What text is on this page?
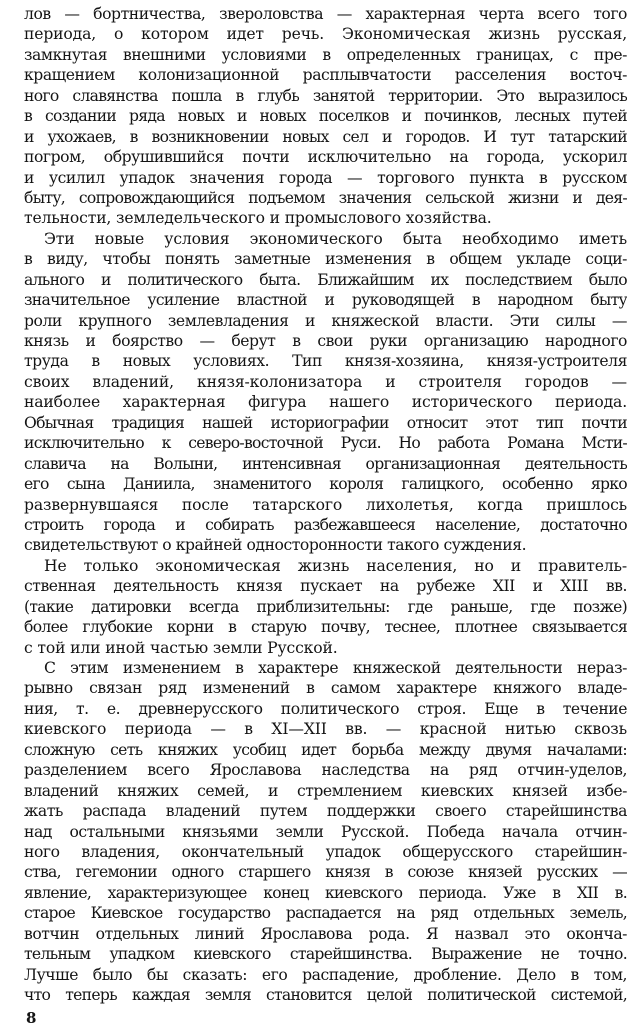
лов — бортничества, звероловства — характерная черта всего того
периода, о котором идет речь. Экономическая жизнь русская,
замкнутая внешними условиями в определенных границах, с пре-
кращением колонизационной расплывчатости расселения восточ-
ного славянства пошла в глубь занятой территории. Это выразилось
в создании ряда новых и новых поселков и починков, лесных путей
и ухожаев, в возникновении новых сел и городов. И тут татарский
погром, обрушившийся почти исключительно на города, ускорил
и усилил упадок значения города — торгового пункта в русском
быту, сопровождающийся подъемом значения сельской жизни и дея-
тельности, земледельческого и промыслового хозяйства.
Эти новые условия экономического быта необходимо иметь
в виду, чтобы понять заметные изменения в общем укладе соци-
ального и политического быта. Ближайшим их последствием было
значительное усиление властной и руководящей в народном быту
роли крупного землевладения и княжеской власти. Эти силы —
князь и боярство — берут в свои руки организацию народного
труда в новых условиях. Тип князя-хозяина, князя-устроителя
своих владений, князя-колонизатора и строителя городов —
наиболее характерная фигура нашего исторического периода.
Обычная традиция нашей историографии относит этот тип почти
исключительно к северо-восточной Руси. Но работа Романа Мсти-
славича на Волыни, интенсивная организационная деятельность
его сына Даниила, знаменитого короля галицкого, особенно ярко
развернувшаяся после татарского лихолетья, когда пришлось
строить города и собирать разбежавшееся население, достаточно
свидетельствуют о крайней односторонности такого суждения.
Не только экономическая жизнь населения, но и правитель-
ственная деятельность князя пускает на рубеже XII и XIII вв.
(такие датировки всегда приблизительны: где раньше, где позже)
более глубокие корни в старую почву, теснее, плотнее связывается
с той или иной частью земли Русской.
С этим изменением в характере княжеской деятельности нераз-
рывно связан ряд изменений в самом характере княжого владе-
ния, т. е. древнерусского политического строя. Еще в течение
киевского периода — в XI—XII вв. — красной нитью сквозь
сложную сеть княжих усобиц идет борьба между двумя началами:
разделением всего Ярославова наследства на ряд отчин-уделов,
владений княжих семей, и стремлением киевских князей избе-
жать распада владений путем поддержки своего старейшинства
над остальными князьями земли Русской. Победа начала отчин-
ного владения, окончательный упадок общерусского старейшин-
ства, гегемонии одного старшего князя в союзе князей русских —
явление, характеризующее конец киевского периода. Уже в XII в.
старое Киевское государство распадается на ряд отдельных земель,
вотчин отдельных линий Ярославова рода. Я назвал это оконча-
тельным упадком киевского старейшинства. Выражение не точно.
Лучше было бы сказать: его распадение, дробление. Дело в том,
что теперь каждая земля становится целой политической системой,
8
